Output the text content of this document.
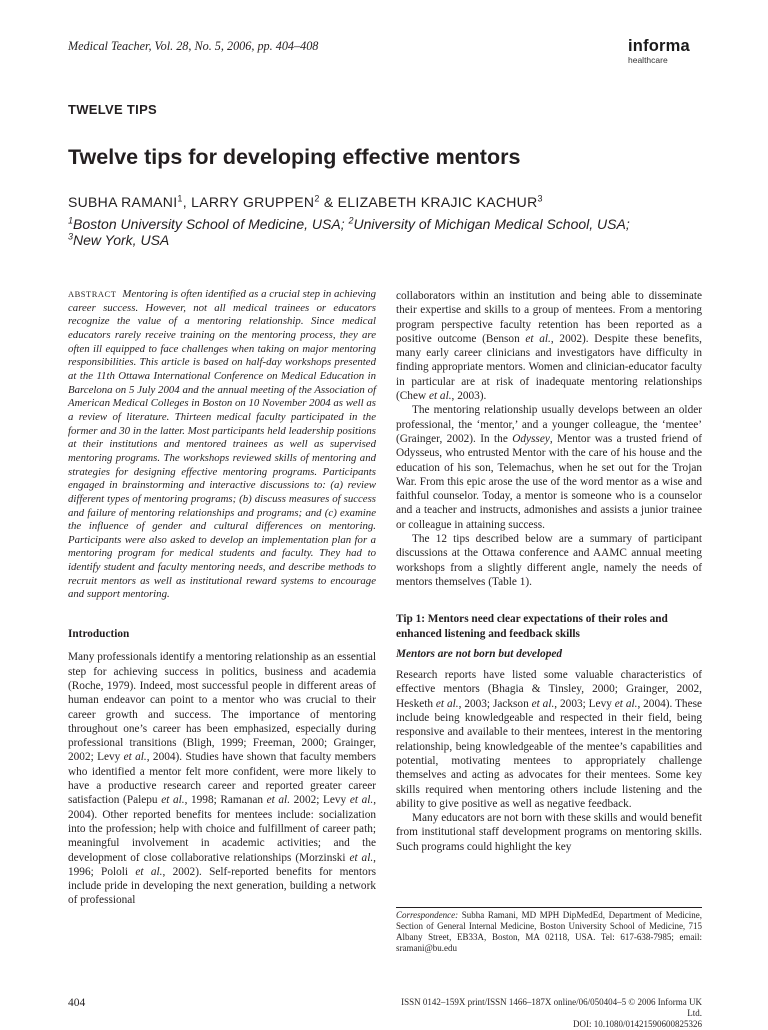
Medical Teacher, Vol. 28, No. 5, 2006, pp. 404–408	informa
healthcare
TWELVE TIPS
Twelve tips for developing effective mentors
SUBHA RAMANI$^1$, LARRY GRUPPEN$^2$ & ELIZABETH KRAJIC KACHUR$^3$
$^1$Boston University School of Medicine, USA; $^2$University of Michigan Medical School, USA;
$^3$New York, USA

ABSTRACT Mentoring is often identified as a crucial step in achieving career success. However, not all medical trainees or educators recognize the value of a mentoring relationship. Since medical educators rarely receive training on the mentoring process, they are often ill equipped to face challenges when taking on major mentoring responsibilities. This article is based on half-day workshops presented at the 11th Ottawa International Conference on Medical Education in Barcelona on 5 July 2004 and the annual meeting of the Association of American Medical Colleges in Boston on 10 November 2004 as well as a review of literature. Thirteen medical faculty participated in the former and 30 in the latter. Most participants held leadership positions at their institutions and mentored trainees as well as supervised mentoring programs. The workshops reviewed skills of mentoring and strategies for designing effective mentoring programs. Participants engaged in brainstorming and interactive discussions to: (a) review different types of mentoring programs; (b) discuss measures of success and failure of mentoring relationships and programs; and (c) examine the influence of gender and cultural differences on mentoring. Participants were also asked to develop an implementation plan for a mentoring program for medical students and faculty. They had to identify student and faculty mentoring needs, and describe methods to recruit mentors as well as institutional reward systems to encourage and support mentoring.

Introduction

Many professionals identify a mentoring relationship as an essential step for achieving success in politics, business and academia (Roche, 1979). Indeed, most successful people in different areas of human endeavor can point to a mentor who was crucial to their career growth and success. The importance of mentoring throughout one’s career has been emphasized, especially during professional transitions (Bligh, 1999; Freeman, 2000; Grainger, 2002; Levy et al., 2004). Studies have shown that faculty members who identified a mentor felt more confident, were more likely to have a productive research career and reported greater career satisfaction (Palepu et al., 1998; Ramanan et al. 2002; Levy et al., 2004). Other reported benefits for mentees include: socialization into the profession; help with choice and fulfillment of career path; meaningful involvement in academic activities; and the development of close collaborative relationships (Morzinski et al., 1996; Pololi et al., 2002). Self-reported benefits for mentors include pride in developing the next generation, building a network of professional

collaborators within an institution and being able to disseminate their expertise and skills to a group of mentees. From a mentoring program perspective faculty retention has been reported as a positive outcome (Benson et al., 2002). Despite these benefits, many early career clinicians and investigators have difficulty in finding appropriate mentors. Women and clinician-educator faculty in particular are at risk of inadequate mentoring relationships (Chew et al., 2003).

The mentoring relationship usually develops between an older professional, the ‘mentor,’ and a younger colleague, the ‘mentee’ (Grainger, 2002). In the Odyssey, Mentor was a trusted friend of Odysseus, who entrusted Mentor with the care of his house and the education of his son, Telemachus, when he set out for the Trojan War. From this epic arose the use of the word mentor as a wise and faithful counselor. Today, a mentor is someone who is a counselor and a teacher and instructs, admonishes and assists a junior trainee or colleague in attaining success.

The 12 tips described below are a summary of participant discussions at the Ottawa conference and AAMC annual meeting workshops from a slightly different angle, namely the needs of mentors themselves (Table 1).

Tip 1: Mentors need clear expectations of their roles and enhanced listening and feedback skills
Mentors are not born but developed

Research reports have listed some valuable characteristics of effective mentors (Bhagia & Tinsley, 2000; Grainger, 2002, Hesketh et al., 2003; Jackson et al., 2003; Levy et al., 2004). These include being knowledgeable and respected in their field, being responsive and available to their mentees, interest in the mentoring relationship, being knowledgeable of the mentee’s capabilities and potential, motivating mentees to appropriately challenge themselves and acting as advocates for their mentees. Some key skills required when mentoring others include listening and the ability to give positive as well as negative feedback.

Many educators are not born with these skills and would benefit from institutional staff development programs on mentoring skills. Such programs could highlight the key

Correspondence: Subha Ramani, MD MPH DipMedEd, Department of Medicine, Section of General Internal Medicine, Boston University School of Medicine, 715 Albany Street, EB33A, Boston, MA 02118, USA. Tel: 617-638-7985; email: sramani@bu.edu
404	ISSN 0142–159X print/ISSN 1466–187X online/06/050404–5 © 2006 Informa UK Ltd.
DOI: 10.1080/01421590600825326
